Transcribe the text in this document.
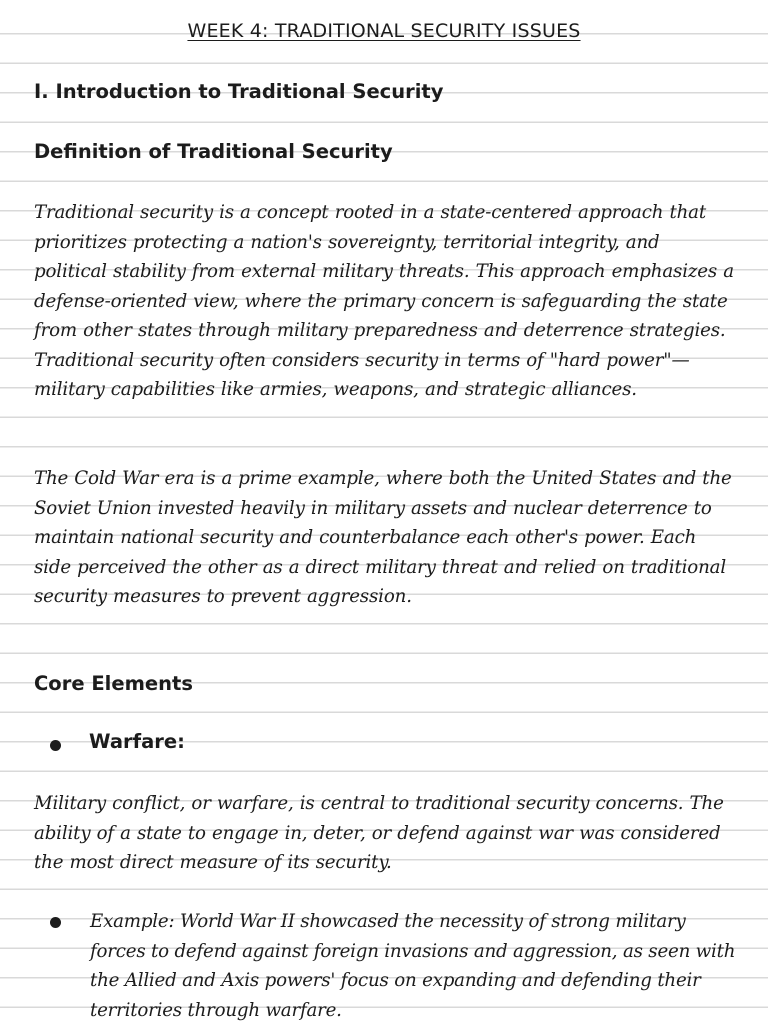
WEEK 4: TRADITIONAL SECURITY ISSUES
I. Introduction to Traditional Security
Definition of Traditional Security

Traditional security is a concept rooted in a state-centered approach that prioritizes protecting a nation's sovereignty, territorial integrity, and political stability from external military threats. This approach emphasizes a defense-oriented view, where the primary concern is safeguarding the state from other states through military preparedness and deterrence strategies. Traditional security often considers security in terms of "hard power"—military capabilities like armies, weapons, and strategic alliances.

The Cold War era is a prime example, where both the United States and the Soviet Union invested heavily in military assets and nuclear deterrence to maintain national security and counterbalance each other's power. Each side perceived the other as a direct military threat and relied on traditional security measures to prevent aggression.

Core Elements
Warfare:

Military conflict, or warfare, is central to traditional security concerns. The ability of a state to engage in, deter, or defend against war was considered the most direct measure of its security.

Example: World War II showcased the necessity of strong military forces to defend against foreign invasions and aggression, as seen with the Allied and Axis powers' focus on expanding and defending their territories through warfare.
